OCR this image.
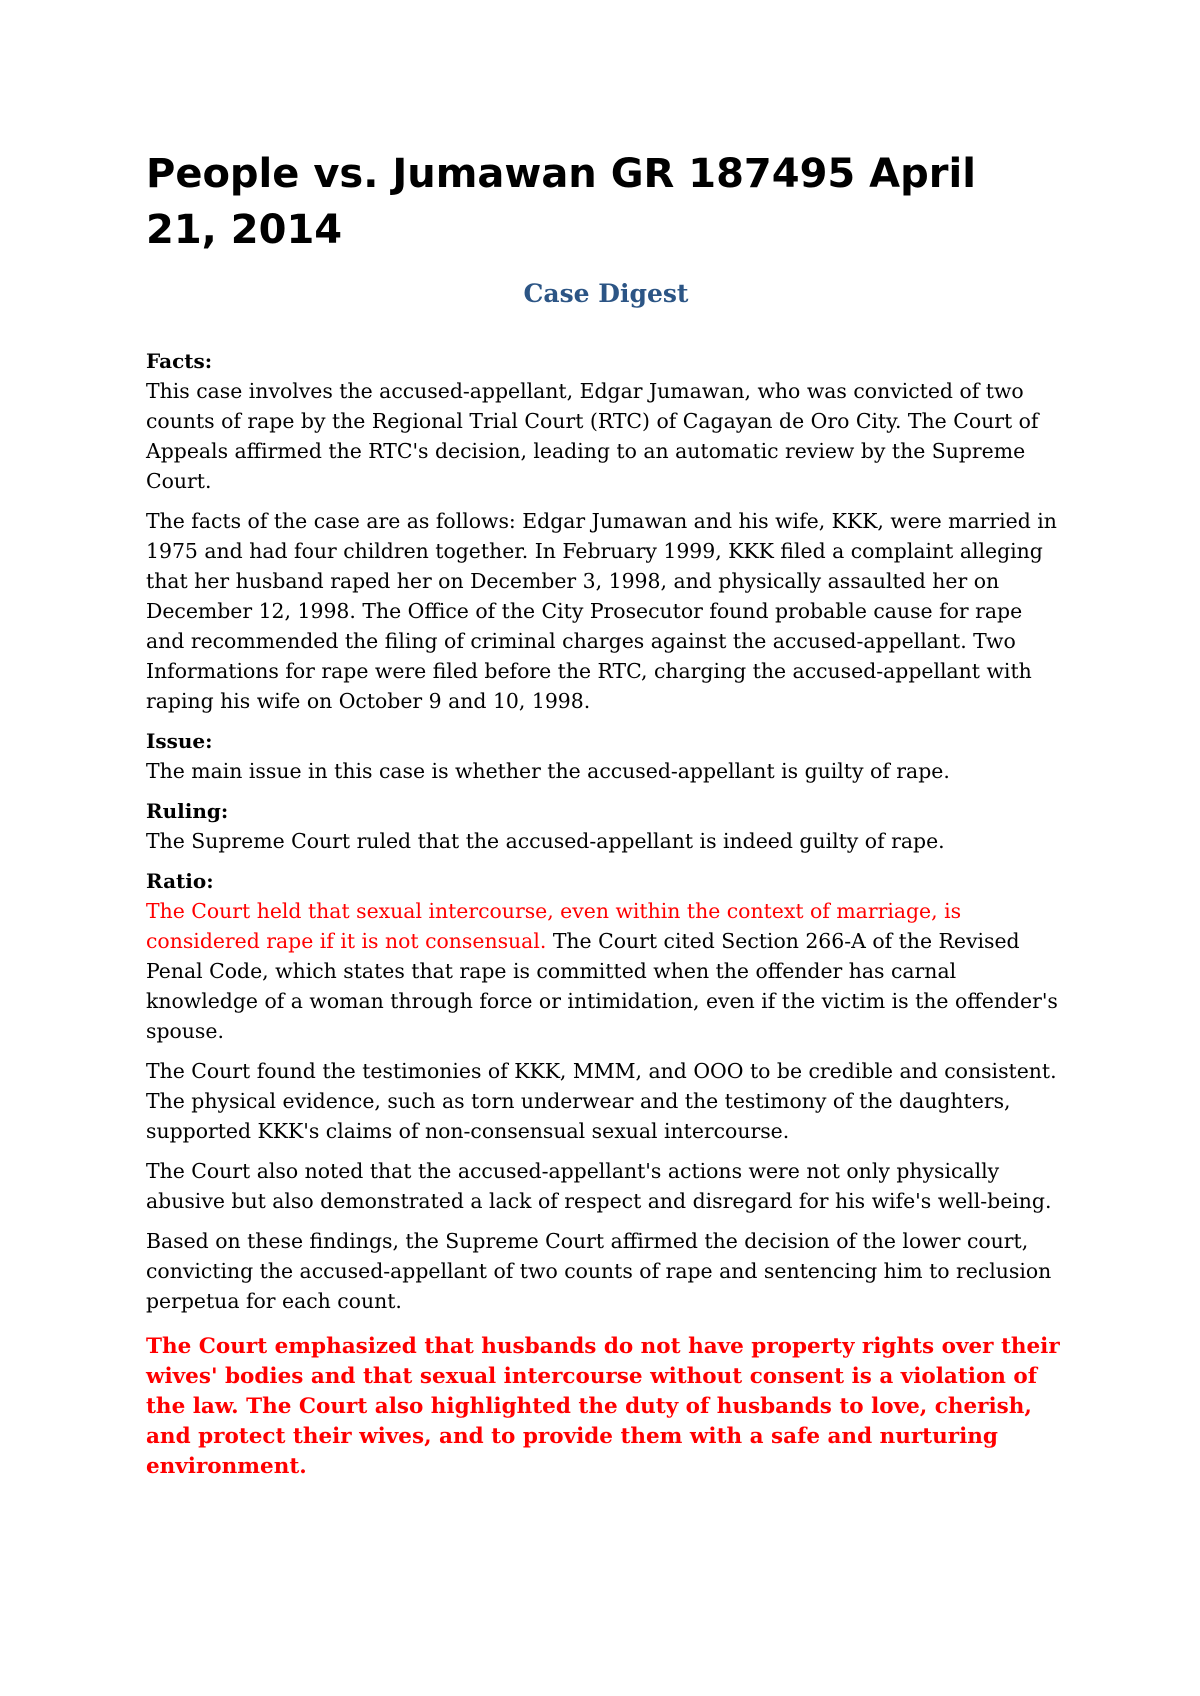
People vs. Jumawan GR 187495 April 21, 2014
Case Digest
Facts:

This case involves the accused-appellant, Edgar Jumawan, who was convicted of two counts of rape by the Regional Trial Court (RTC) of Cagayan de Oro City. The Court of Appeals affirmed the RTC's decision, leading to an automatic review by the Supreme Court.

The facts of the case are as follows: Edgar Jumawan and his wife, KKK, were married in 1975 and had four children together. In February 1999, KKK filed a complaint alleging that her husband raped her on December 3, 1998, and physically assaulted her on December 12, 1998. The Office of the City Prosecutor found probable cause for rape and recommended the filing of criminal charges against the accused-appellant. Two Informations for rape were filed before the RTC, charging the accused-appellant with raping his wife on October 9 and 10, 1998.

Issue:

The main issue in this case is whether the accused-appellant is guilty of rape.

Ruling:

The Supreme Court ruled that the accused-appellant is indeed guilty of rape.

Ratio:

The Court held that sexual intercourse, even within the context of marriage, is considered rape if it is not consensual. The Court cited Section 266-A of the Revised Penal Code, which states that rape is committed when the offender has carnal knowledge of a woman through force or intimidation, even if the victim is the offender's spouse.

The Court found the testimonies of KKK, MMM, and OOO to be credible and consistent. The physical evidence, such as torn underwear and the testimony of the daughters, supported KKK's claims of non-consensual sexual intercourse.

The Court also noted that the accused-appellant's actions were not only physically abusive but also demonstrated a lack of respect and disregard for his wife's well-being.

Based on these findings, the Supreme Court affirmed the decision of the lower court, convicting the accused-appellant of two counts of rape and sentencing him to reclusion perpetua for each count.

The Court emphasized that husbands do not have property rights over their wives' bodies and that sexual intercourse without consent is a violation of the law. The Court also highlighted the duty of husbands to love, cherish, and protect their wives, and to provide them with a safe and nurturing environment.
